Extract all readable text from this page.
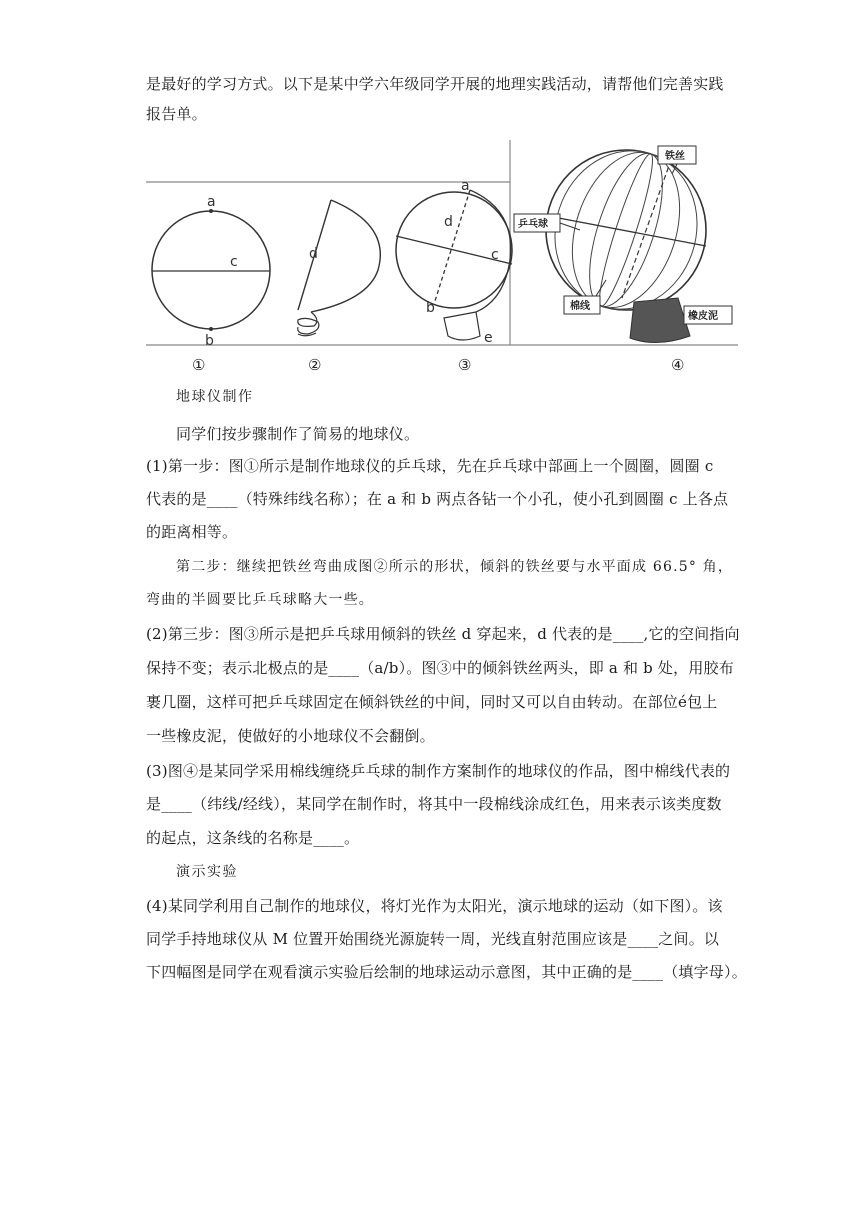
是最好的学习方式。以下是某中学六年级同学开展的地理实践活动，请帮他们完善实践
报告单。
a
b
c	d
a
b
c
d
e
铁丝
乒乓球
棉线
橡皮泥
①	②	③	④
地球仪制作
同学们按步骤制作了简易的地球仪。
(1)第一步：图①所示是制作地球仪的乒乓球，先在乒乓球中部画上一个圆圈，圆圈 c
代表的是____（特殊纬线名称）；在 a 和 b 两点各钻一个小孔，使小孔到圆圈 c 上各点
的距离相等。
第二步：继续把铁丝弯曲成图②所示的形状，倾斜的铁丝要与水平面成 66.5° 角，
弯曲的半圆要比乒乓球略大一些。
(2)第三步：图③所示是把乒乓球用倾斜的铁丝 d 穿起来，d 代表的是____,它的空间指向
保持不变；表示北极点的是____（a/b）。图③中的倾斜铁丝两头，即 a 和 b 处，用胶布
裹几圈，这样可把乒乓球固定在倾斜铁丝的中间，同时又可以自由转动。在部位é包上
一些橡皮泥，使做好的小地球仪不会翻倒。
(3)图④是某同学采用棉线缠绕乒乓球的制作方案制作的地球仪的作品，图中棉线代表的
是____（纬线/经线），某同学在制作时，将其中一段棉线涂成红色，用来表示该类度数
的起点，这条线的名称是____。
演示实验
(4)某同学利用自己制作的地球仪，将灯光作为太阳光，演示地球的运动（如下图）。该
同学手持地球仪从 M 位置开始围绕光源旋转一周，光线直射范围应该是____之间。以
下四幅图是同学在观看演示实验后绘制的地球运动示意图，其中正确的是____（填字母）。
